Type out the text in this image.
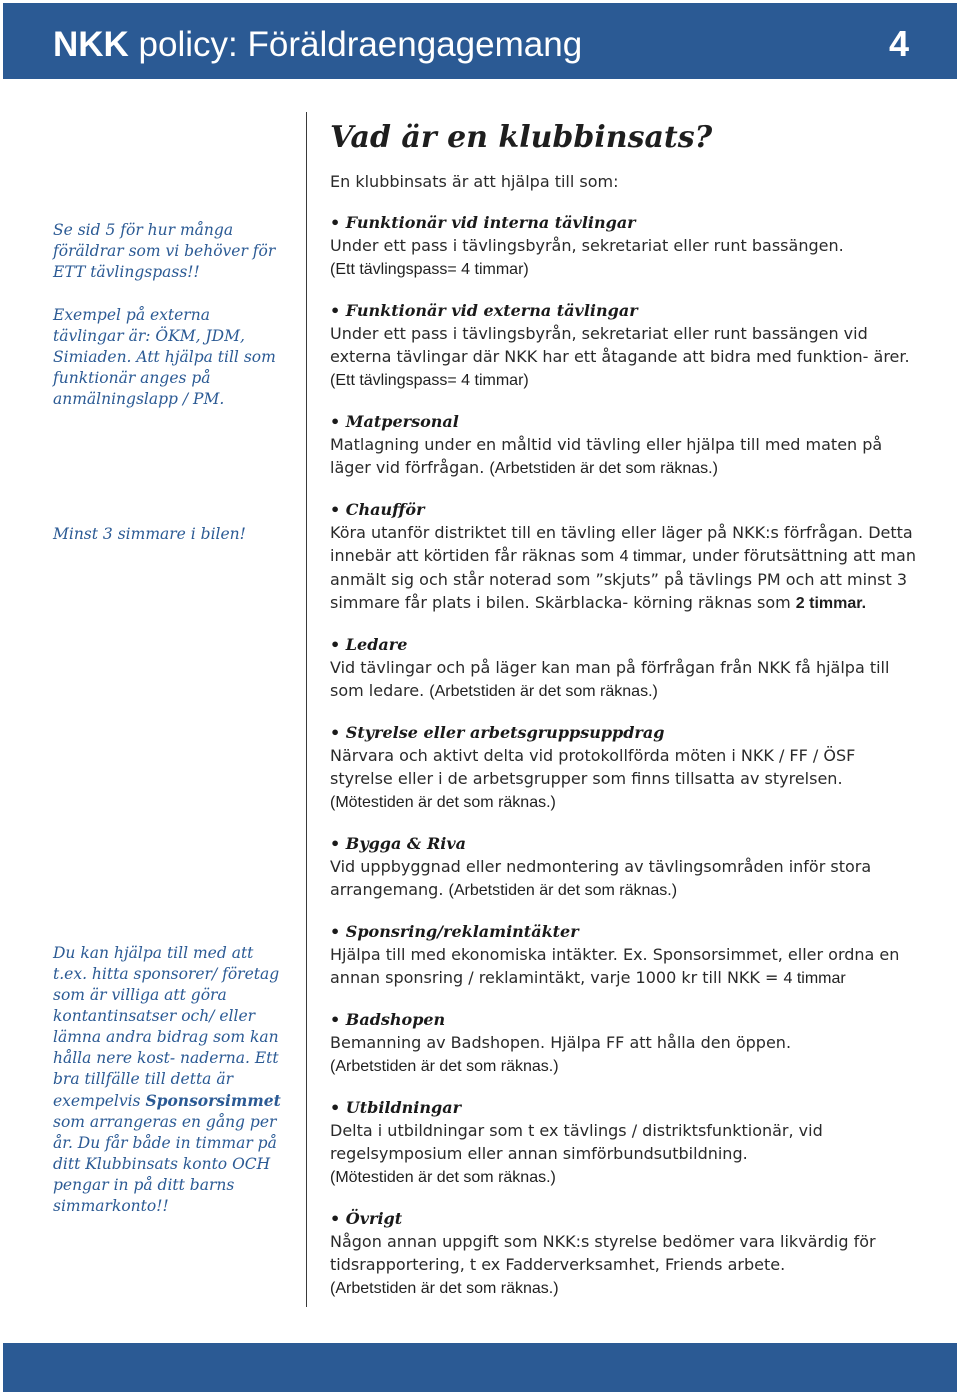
NKK policy: Föräldraengagemang	4

Se sid 5 för hur många föräldrar som vi behöver för ETT tävlingspass!!

Exempel på externa tävlingar är: ÖKM, JDM, Simiaden. Att hjälpa till som funktionär anges på anmälningslapp / PM.

Minst 3 simmare i bilen!

Du kan hjälpa till med att t.ex. hitta sponsorer/ företag som är villiga att göra kontantinsatser och/ eller lämna andra bidrag som kan hålla nere kost- naderna. Ett bra tillfälle till detta är exempelvis Sponsorsimmet som arrangeras en gång per år. Du får både in timmar på ditt Klubbinsats konto OCH pengar in på ditt barns simmarkonto!!

Vad är en klubbinsats?

En klubbinsats är att hjälpa till som:

• Funktionär vid interna tävlingar

Under ett pass i tävlingsbyrån, sekretariat eller runt bassängen.
(Ett tävlingspass= 4 timmar)

• Funktionär vid externa tävlingar

Under ett pass i tävlingsbyrån, sekretariat eller runt bassängen vid externa tävlingar där NKK har ett åtagande att bidra med funktion- ärer. (Ett tävlingspass= 4 timmar)

• Matpersonal

Matlagning under en måltid vid tävling eller hjälpa till med maten på läger vid förfrågan. (Arbetstiden är det som räknas.)

• Chaufför

Köra utanför distriktet till en tävling eller läger på NKK:s förfrågan. Detta innebär att körtiden får räknas som 4 timmar, under förutsättning att man anmält sig och står noterad som ”skjuts” på tävlings PM och att minst 3 simmare får plats i bilen. Skärblacka- körning räknas som 2 timmar.

• Ledare

Vid tävlingar och på läger kan man på förfrågan från NKK få hjälpa till som ledare. (Arbetstiden är det som räknas.)

• Styrelse eller arbetsgruppsuppdrag

Närvara och aktivt delta vid protokollförda möten i NKK / FF / ÖSF styrelse eller i de arbetsgrupper som finns tillsatta av styrelsen.
(Mötestiden är det som räknas.)

• Bygga & Riva

Vid uppbyggnad eller nedmontering av tävlingsområden inför stora arrangemang. (Arbetstiden är det som räknas.)

• Sponsring/reklamintäkter

Hjälpa till med ekonomiska intäkter. Ex. Sponsorsimmet, eller ordna en annan sponsring / reklamintäkt, varje 1000 kr till NKK = 4 timmar

• Badshopen

Bemanning av Badshopen. Hjälpa FF att hålla den öppen.
(Arbetstiden är det som räknas.)

• Utbildningar

Delta i utbildningar som t ex tävlings / distriktsfunktionär, vid regelsymposium eller annan simförbundsutbildning.
(Mötestiden är det som räknas.)

• Övrigt

Någon annan uppgift som NKK:s styrelse bedömer vara likvärdig för tidsrapportering, t ex Fadderverksamhet, Friends arbete.
(Arbetstiden är det som räknas.)
